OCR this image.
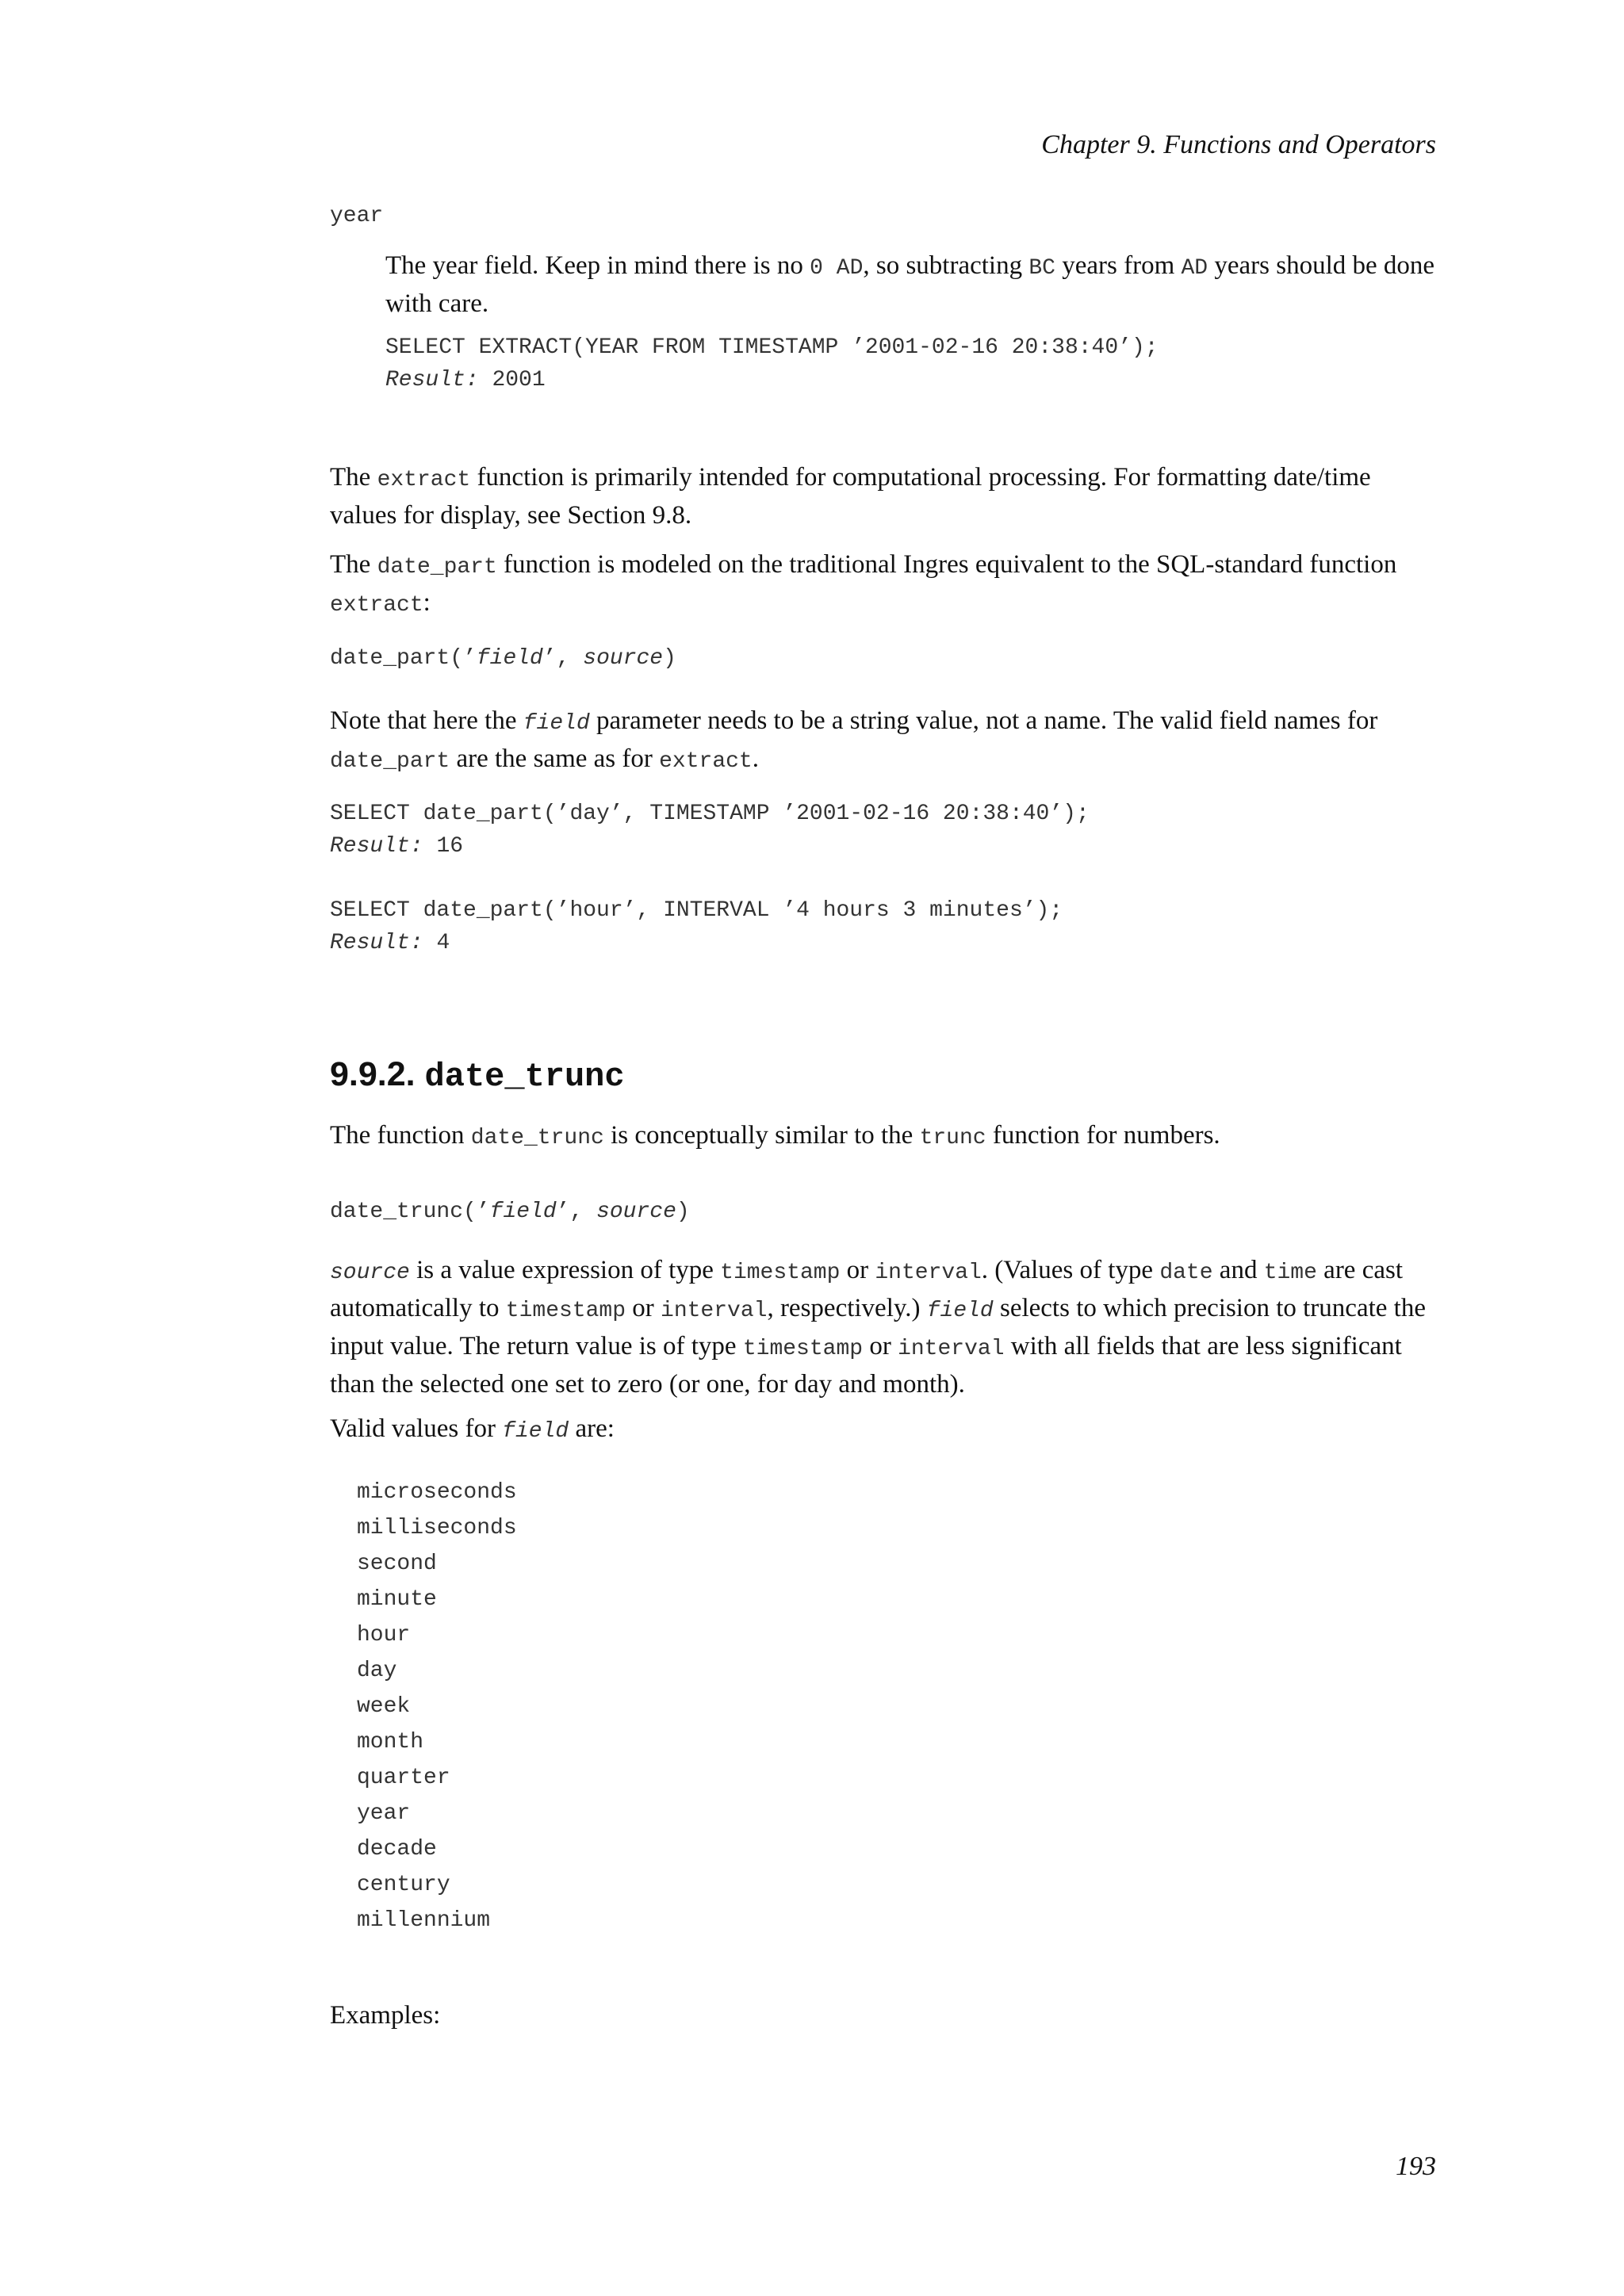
Chapter 9. Functions and Operators
year

The year field. Keep in mind there is no 0 AD, so subtracting BC years from AD years should be done with care.

SELECT EXTRACT(YEAR FROM TIMESTAMP ’2001-02-16 20:38:40’);
Result: 2001

The extract function is primarily intended for computational processing. For formatting date/time values for display, see Section 9.8.

The date_part function is modeled on the traditional Ingres equivalent to the SQL-standard function extract:

date_part(’field’, source)

Note that here the field parameter needs to be a string value, not a name. The valid field names for date_part are the same as for extract.

SELECT date_part(’day’, TIMESTAMP ’2001-02-16 20:38:40’);
Result: 16
SELECT date_part(’hour’, INTERVAL ’4 hours 3 minutes’);
Result: 4
9.9.2. date_trunc

The function date_trunc is conceptually similar to the trunc function for numbers.

date_trunc(’field’, source)

source is a value expression of type timestamp or interval. (Values of type date and time are cast automatically to timestamp or interval, respectively.) field selects to which precision to truncate the input value. The return value is of type timestamp or interval with all fields that are less significant than the selected one set to zero (or one, for day and month).

Valid values for field are:

microseconds
milliseconds
second
minute
hour
day
week
month
quarter
year
decade
century
millennium
Examples:
193
